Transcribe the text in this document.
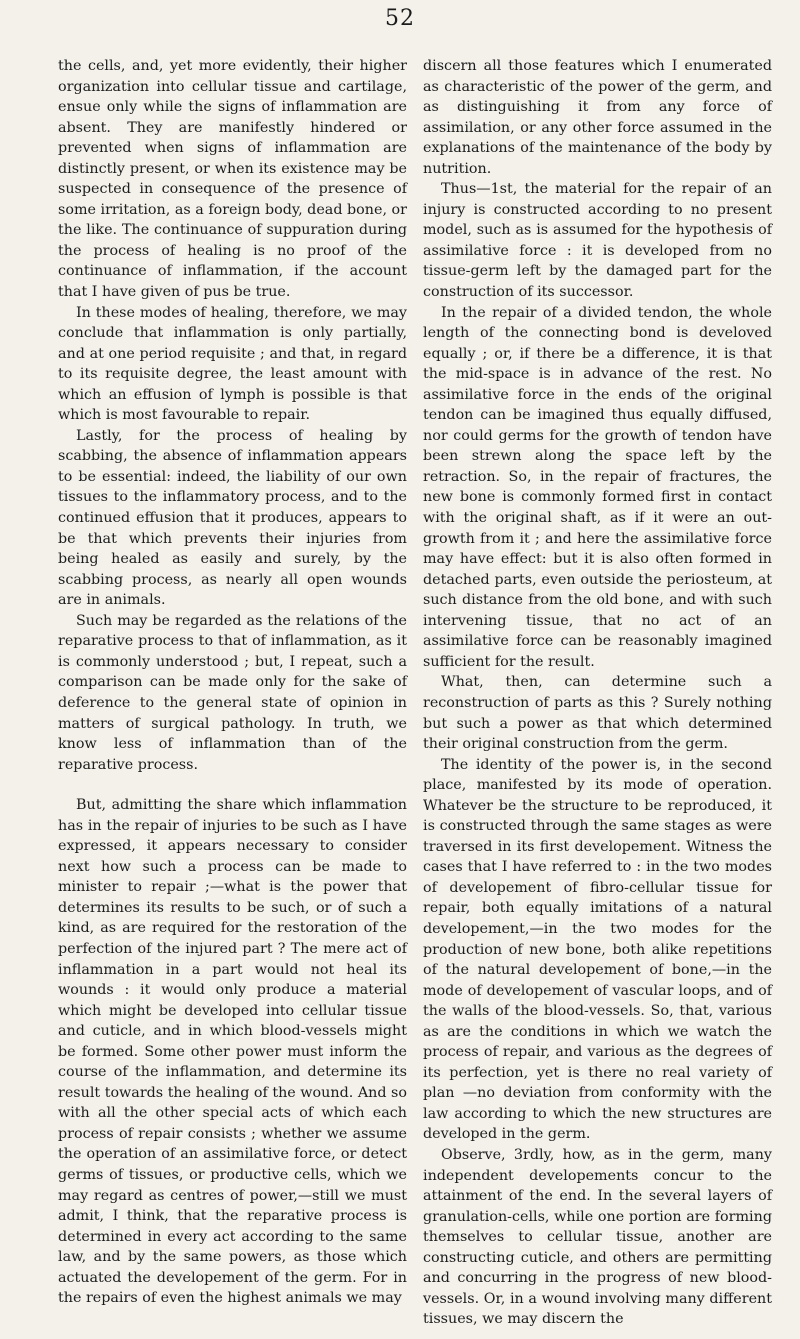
52

the cells, and, yet more evidently, their higher organization into cellular tissue and cartilage, ensue only while the signs of inflammation are absent. They are manifestly hindered or prevented when signs of inflammation are distinctly present, or when its existence may be suspected in consequence of the presence of some irritation, as a foreign body, dead bone, or the like. The continuance of suppuration during the process of healing is no proof of the continuance of inflammation, if the account that I have given of pus be true.

In these modes of healing, therefore, we may conclude that inflammation is only partially, and at one period requisite ; and that, in regard to its requisite degree, the least amount with which an effusion of lymph is possible is that which is most favourable to repair.

Lastly, for the process of healing by scabbing, the absence of inflammation appears to be essential: indeed, the liability of our own tissues to the inflammatory process, and to the continued effusion that it produces, appears to be that which prevents their injuries from being healed as easily and surely, by the scabbing process, as nearly all open wounds are in animals.

Such may be regarded as the relations of the reparative process to that of inflammation, as it is commonly understood ; but, I repeat, such a comparison can be made only for the sake of deference to the general state of opinion in matters of surgical pathology. In truth, we know less of inflammation than of the reparative process.

But, admitting the share which inflammation has in the repair of injuries to be such as I have expressed, it appears necessary to consider next how such a process can be made to minister to repair ;—what is the power that determines its results to be such, or of such a kind, as are required for the restoration of the perfection of the injured part ? The mere act of inflammation in a part would not heal its wounds : it would only produce a material which might be developed into cellular tissue and cuticle, and in which blood-vessels might be formed. Some other power must inform the course of the inflammation, and determine its result towards the healing of the wound. And so with all the other special acts of which each process of repair consists ; whether we assume the operation of an assimilative force, or detect germs of tissues, or productive cells, which we may regard as centres of power,—still we must admit, I think, that the reparative process is determined in every act according to the same law, and by the same powers, as those which actuated the developement of the germ. For in the repairs of even the highest animals we may

discern all those features which I enumerated as characteristic of the power of the germ, and as distinguishing it from any force of assimilation, or any other force assumed in the explanations of the maintenance of the body by nutrition.

Thus—1st, the material for the repair of an injury is constructed according to no present model, such as is assumed for the hypothesis of assimilative force : it is developed from no tissue-germ left by the damaged part for the construction of its successor.

In the repair of a divided tendon, the whole length of the connecting bond is develoved equally ; or, if there be a difference, it is that the mid-space is in advance of the rest. No assimilative force in the ends of the original tendon can be imagined thus equally diffused, nor could germs for the growth of tendon have been strewn along the space left by the retraction. So, in the repair of fractures, the new bone is commonly formed first in contact with the original shaft, as if it were an out-growth from it ; and here the assimilative force may have effect: but it is also often formed in detached parts, even outside the periosteum, at such distance from the old bone, and with such intervening tissue, that no act of an assimilative force can be reasonably imagined sufficient for the result.

What, then, can determine such a reconstruction of parts as this ? Surely nothing but such a power as that which determined their original construction from the germ.

The identity of the power is, in the second place, manifested by its mode of operation. Whatever be the structure to be reproduced, it is constructed through the same stages as were traversed in its first developement. Witness the cases that I have referred to : in the two modes of developement of fibro-cellular tissue for repair, both equally imitations of a natural developement,—in the two modes for the production of new bone, both alike repetitions of the natural developement of bone,—in the mode of developement of vascular loops, and of the walls of the blood-vessels. So, that, various as are the conditions in which we watch the process of repair, and various as the degrees of its perfection, yet is there no real variety of plan —no deviation from conformity with the law according to which the new structures are developed in the germ.

Observe, 3rdly, how, as in the germ, many independent developements concur to the attainment of the end. In the several layers of granulation-cells, while one portion are forming themselves to cellular tissue, another are constructing cuticle, and others are permitting and concurring in the progress of new blood-vessels. Or, in a wound involving many different tissues, we may discern the
